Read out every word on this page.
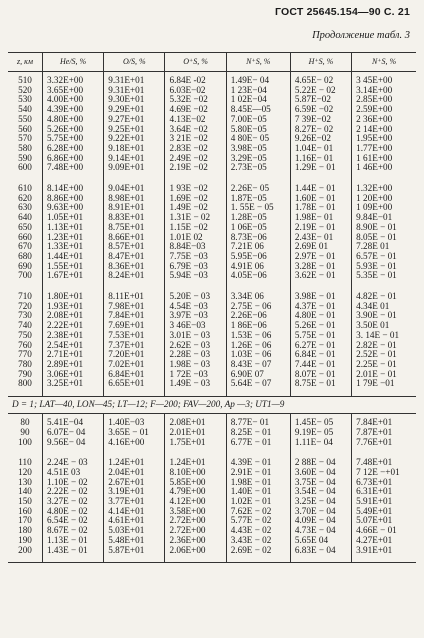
ГОСТ 25645.154—90 С. 21
Продолжение табл. 3
z, км	He/S, %	O/S, %	O⁺S, %	N⁺S, %	H⁺S, %	N⁺S, %
510	3.32E+00	9.31E+01	6.84E -02	1.49E− 04	4.65E− 02	3 45E+00
520	3.65E+00	9.31E+01	6.03E−02	1 23E−04	5.22E − 02	3.14E+00
530	4.00E+00	9.30E+01	5.32E −02	1 02E−04	5.87E−02	2.85E+00
540	4.39E+00	9.29E+01	4.69E −02	8.45E—05	6.59E −02	2.59E+00
550	4.80E+00	9.27E+01	4.13E−02	7.00E−05	7 39E−02	2 36E+00
560	5.26E+00	9.25E+01	3.64E −02	5.80E−05	8.27E− 02	2 14E+00
570	5.75E+00	9.22E+01	3 21E −02	4 80E− 05	9.26E−02	1.95E+00
580	6.28E+00	9.18E+01	2.83E −02	3.98E−05	1.04E− 01	1.77E+00
590	6.86E+00	9.14E+01	2.49E −02	3.29E−05	1.16E− 01	1 61E+00
600	7.48E+00	9.09E+01	2.19E −02	2.73E−05	1.29E − 01	1 46E+00

610	8.14E+00	9.04E+01	1 93E −02	2.26E− 05	1.44E − 01	1.32E+00
620	8.86E+00	8.98E+01	1.69E −02	1.87E−05	1.60E − 01	1 20E+00
630	9.63E+00	8.91E+01	1.49E −02	1. 55E − 05	1.78E − 01	1 09E+00
640	1.05E+01	8.83E+01	1.31E − 02	1.28E−05	1.98E− 01	9.84E−01
650	1.13E+01	8.75E+01	1.15E −02	1 06E−05	2.19E − 01	8.90E − 01
660	1.23E+01	8.66E+01	1.01E 02	8.73E−06	2.43E− 01	8.05E − 01
670	1.33E+01	8.57E+01	8.84E−03	7.21E 06	2.69E 01	7.28E 01
680	1.44E+01	8.47E+01	7.75E −03	5.95E−06	2.97E − 01	6.57E − 01
690	1.55E+01	8.36E+01	6.79E −03	4.91E 06	3.28E − 01	5.93E − 01
700	1.67E+01	8.24E+01	5.94E −03	4.05E−06	3.62E − 01	5.35E − 01

710	1.80E+01	8.11E+01	5.20E − 03	3.34E 06	3.98E − 01	4.82E − 01
720	1.93E+01	7.98E+01	4.54E −03	2.75E − 06	4.37E − 01	4.34E 01
730	2.08E+01	7.84E+01	3.97E −03	2.26E−06	4.80E − 01	3.90E − 01
740	2.22E+01	7.69E+01	3 46E−03	1 86E−06	5.26E − 01	3.50E 01
750	2.38E+01	7.53E+01	3.01E − 03	1.53E − 06	5.75E − 01	3. 14E − 01
760	2.54E+01	7.37E+01	2.62E − 03	1.26E − 06	6.27E − 01	2.82E − 01
770	2.71E+01	7.20E+01	2.28E − 03	1.03E − 06	6.84E − 01	2.52E − 01
780	2.89E+01	7.02E+01	1.98E − 03	8.43E − 07	7.44E − 01	2.25E − 01
790	3.06E+01	6.84E+01	1 72E −03	6.90E 07	8.07E − 01	2.01E − 01
800	3.25E+01	6.65E+01	1.49E − 03	5.64E − 07	8.75E − 01	1 79E −01

D = 1; LAT—40, LON—45; LT—12; F—200; FAV—200, Ap —3; UT1—9						
80	5.41E−04	1.40E−03	2.08E+01	8.77E− 01	1.45E− 05	7.84E+01
90	6.07E− 04	3.65E − 01	2.01E+01	8.25E − 01	9.19E− 05	7.87E+01
100	9.56E− 04	4.16E+00	1.75E+01	6.77E − 01	1.11E− 04	7.76E+01

110	2.24E − 03	1.24E+01	1.24E+01	4.39E − 01	2 88E − 04	7.48E+01
120	4.51E 03	2.04E+01	8.10E+00	2.91E − 01	3.60E − 04	7 12E −+01
130	1.10E − 02	2.67E+01	5.85E+00	1.98E − 01	3.75E − 04	6.73E+01
140	2.22E − 02	3.19E+01	4.79E+00	1.40E − 01	3.54E − 04	6.31E+01
150	3.27E − 02	3.77E+01	4.12E+00	1.02E − 01	3.25E − 04	5.91E+01
160	4.80E − 02	4.14E+01	3.58E+00	7.62E − 02	3.70E − 04	5.49E+01
170	6.54E − 02	4.61E+01	2.72E+00	5.77E − 02	4.09E − 04	5.07E+01
180	8.67E − 02	5.03E+01	2.72E+00	4.43E − 02	4.73E − 04	4.66E − 01
190	1.13E − 01	5.48E+01	2.36E+00	3.43E − 02	5.65E 04	4.27E+01
200	1.43E − 01	5.87E+01	2.06E+00	2.69E − 02	6.83E − 04	3.91E+01
